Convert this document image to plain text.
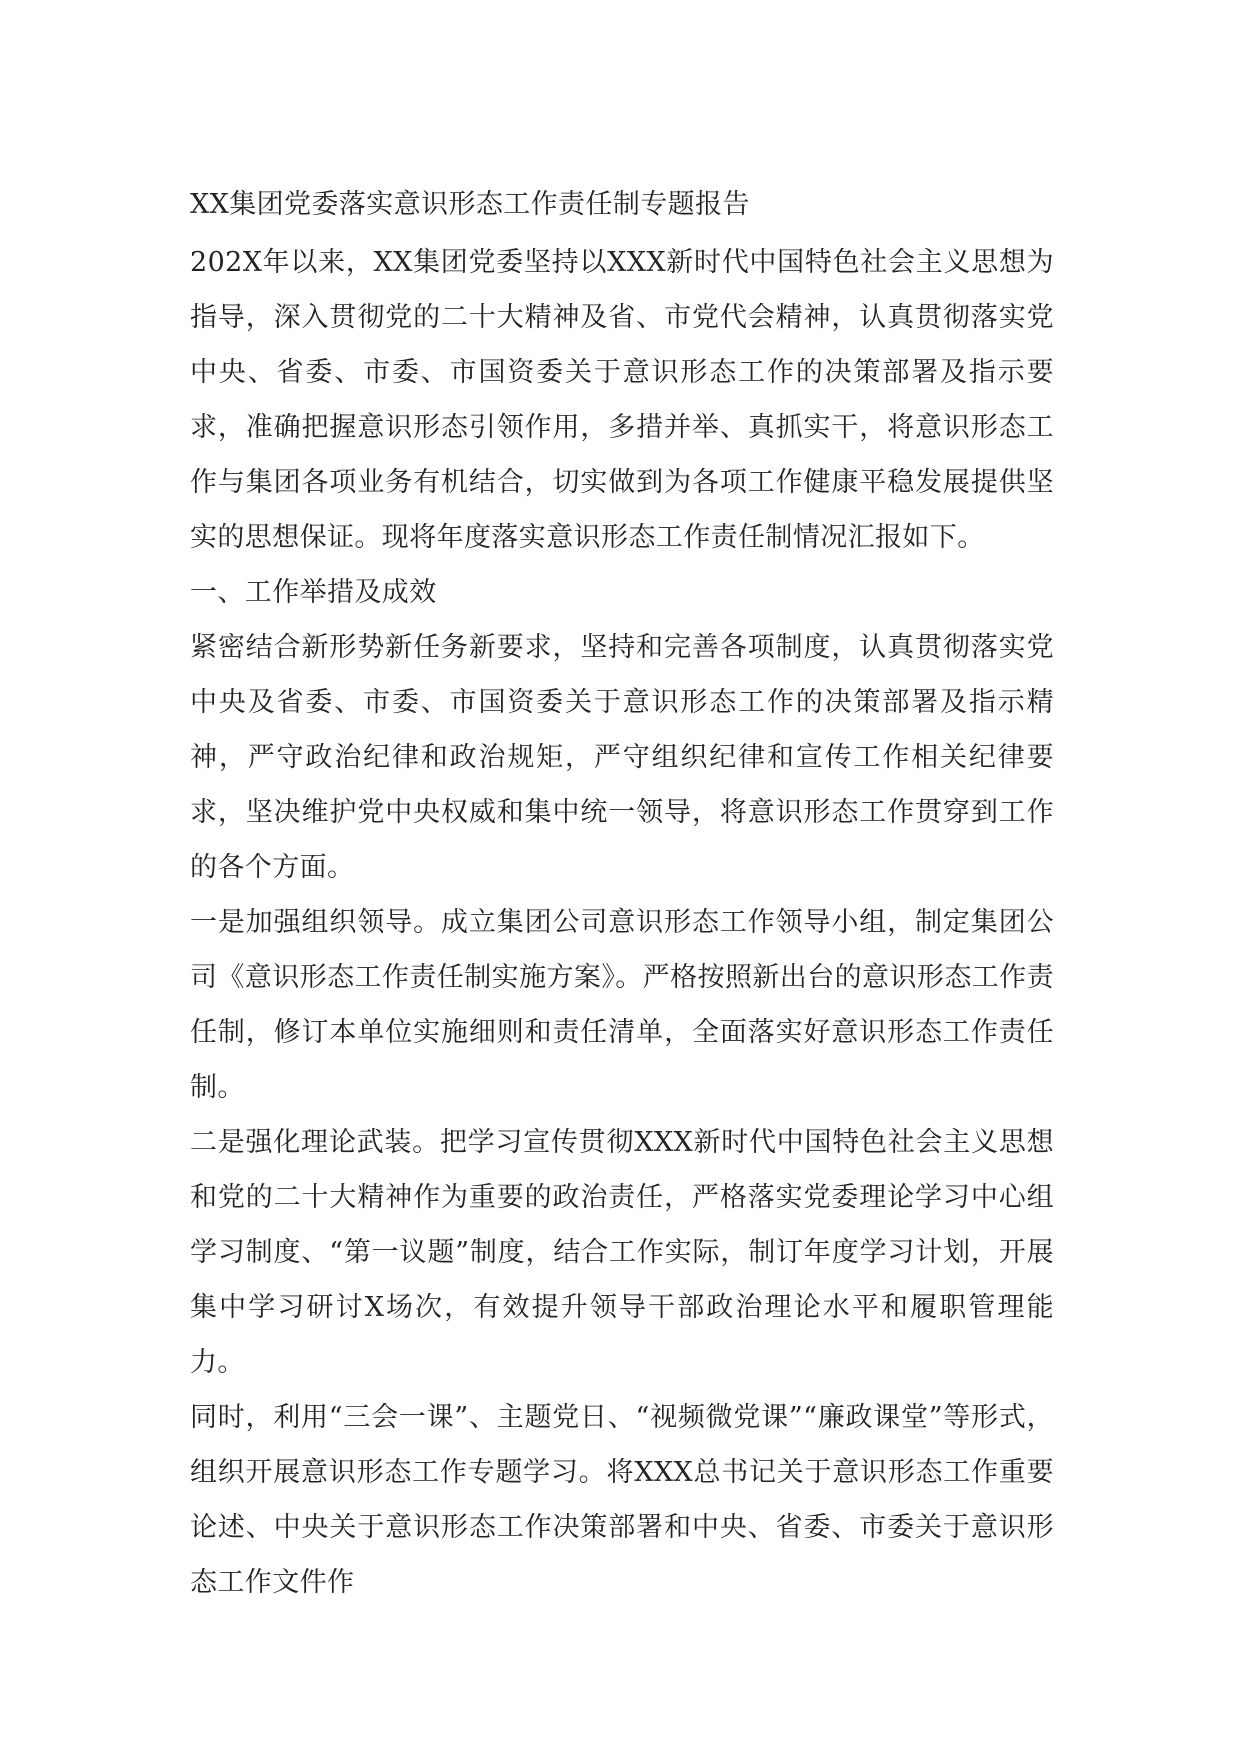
XX集团党委落实意识形态工作责任制专题报告

202X年以来，XX集团党委坚持以XXX新时代中国特色社会主义思想为指导，深入贯彻党的二十大精神及省、市党代会精神，认真贯彻落实党中央、省委、市委、市国资委关于意识形态工作的决策部署及指示要求，准确把握意识形态引领作用，多措并举、真抓实干，将意识形态工作与集团各项业务有机结合，切实做到为各项工作健康平稳发展提供坚实的思想保证。现将年度落实意识形态工作责任制情况汇报如下。

一、工作举措及成效

紧密结合新形势新任务新要求，坚持和完善各项制度，认真贯彻落实党中央及省委、市委、市国资委关于意识形态工作的决策部署及指示精神，严守政治纪律和政治规矩，严守组织纪律和宣传工作相关纪律要求，坚决维护党中央权威和集中统一领导，将意识形态工作贯穿到工作的各个方面。

一是加强组织领导。成立集团公司意识形态工作领导小组，制定集团公司《意识形态工作责任制实施方案》。严格按照新出台的意识形态工作责任制，修订本单位实施细则和责任清单，全面落实好意识形态工作责任制。

二是强化理论武装。把学习宣传贯彻XXX新时代中国特色社会主义思想和党的二十大精神作为重要的政治责任，严格落实党委理论学习中心组学习制度、“第一议题”制度，结合工作实际，制订年度学习计划，开展集中学习研讨X场次，有效提升领导干部政治理论水平和履职管理能力。

同时，利用“三会一课”、主题党日、“视频微党课”“廉政课堂”等形式，组织开展意识形态工作专题学习。将XXX总书记关于意识形态工作重要论述、中央关于意识形态工作决策部署和中央、省委、市委关于意识形态工作文件作
